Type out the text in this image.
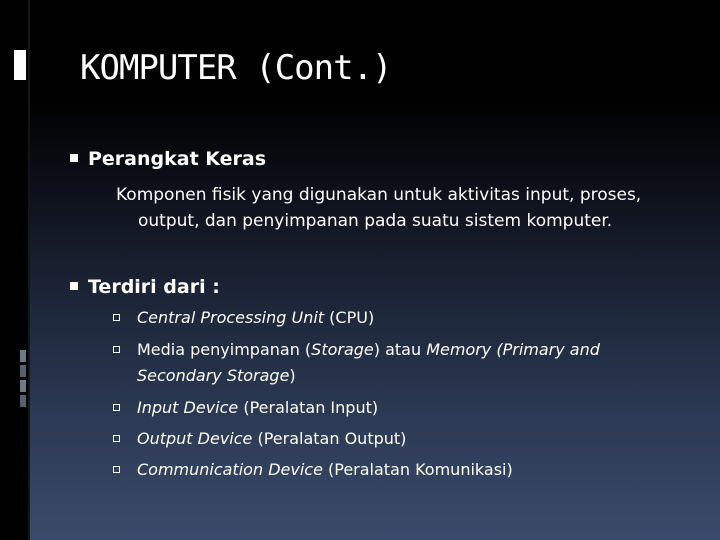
KOMPUTER (Cont.)
Perangkat Keras
Komponen fisik yang digunakan untuk aktivitas input, proses,
output, dan penyimpanan pada suatu sistem komputer.
Terdiri dari :
Central Processing Unit (CPU)
Media penyimpanan (Storage) atau Memory (Primary and
Secondary Storage)
Input Device (Peralatan Input)
Output Device (Peralatan Output)
Communication Device (Peralatan Komunikasi)
